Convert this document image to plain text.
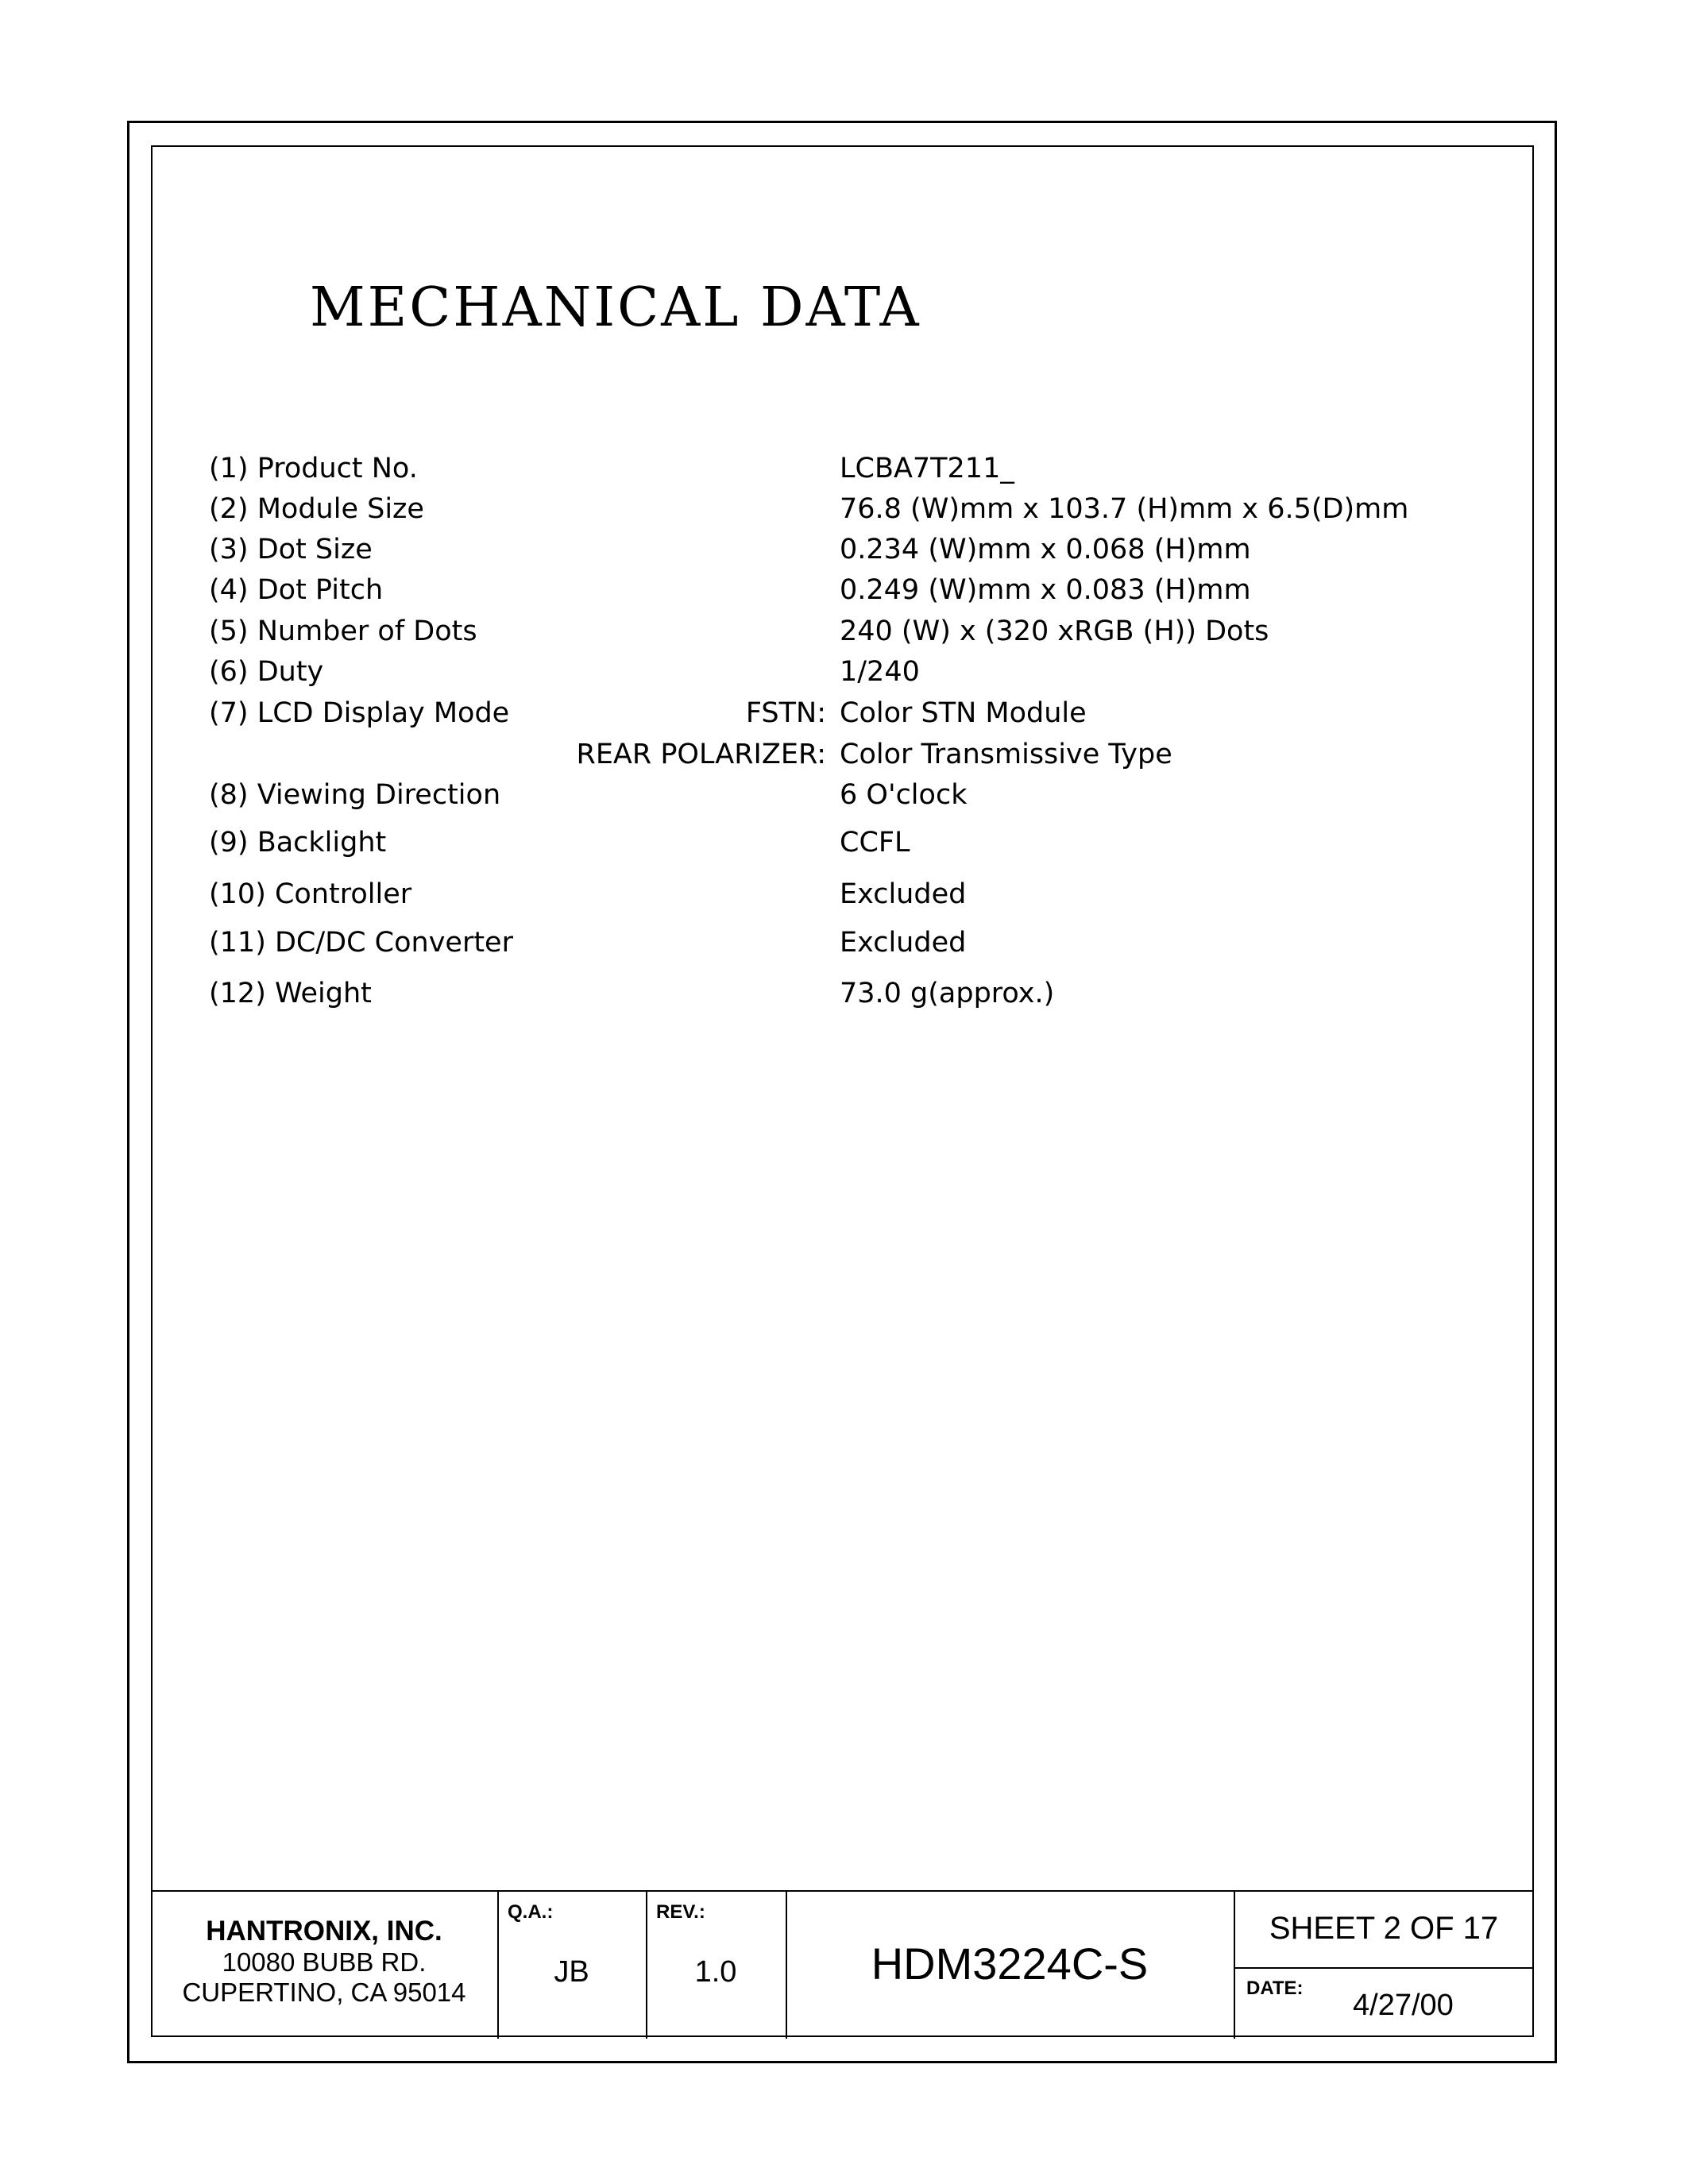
MECHANICAL DATA
(1) Product No.	LCBA7T211_
(2) Module Size	76.8 (W)mm x 103.7 (H)mm x 6.5(D)mm
(3) Dot Size	0.234 (W)mm x 0.068 (H)mm
(4) Dot Pitch	0.249 (W)mm x 0.083 (H)mm
(5) Number of Dots	240 (W) x (320 xRGB (H)) Dots
(6) Duty	1/240
(7) LCD Display Mode	FSTN: Color STN Module
REAR POLARIZER: Color Transmissive Type
(8) Viewing Direction	6 O'clock
(9) Backlight	CCFL
(10) Controller	Excluded
(11) DC/DC Converter	Excluded
(12) Weight	73.0 g(approx.)
HANTRONIX, INC.
10080 BUBB RD.
CUPERTINO, CA 95014
Q.A.:
JB
REV.:
1.0	HDM3224C-S
SHEET 2 OF 17
DATE:
4/27/00
